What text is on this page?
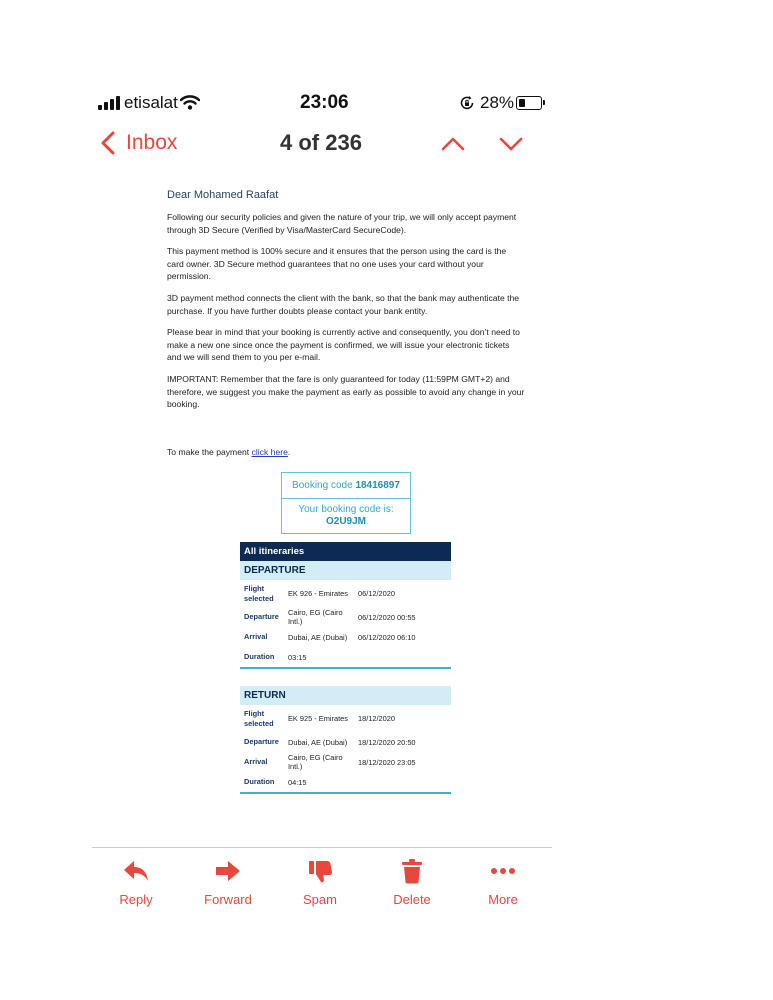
etisalat	23:06	28%
Inbox	4 of 236
Dear Mohamed Raafat

Following our security policies and given the nature of your trip, we will only accept payment through 3D Secure (Verified by Visa/MasterCard SecureCode).

This payment method is 100% secure and it ensures that the person using the card is the card owner. 3D Secure method guarantees that no one uses your card without your permission.

3D payment method connects the client with the bank, so that the bank may authenticate the purchase. If you have further doubts please contact your bank entity.

Please bear in mind that your booking is currently active and consequently, you don’t need to make a new one since once the payment is confirmed, we will issue your electronic tickets and we will send them to you per e-mail.

IMPORTANT: Remember that the fare is only guaranteed for today (11:59PM GMT+2) and therefore, we suggest you make the payment as early as possible to avoid any change in your booking.

To make the payment click here.
Booking code 18416897
Your booking code is:
O2U9JM
All itineraries
DEPARTURE
Flight selected	EK 926 - Emirates	06/12/2020
Departure	Cairo, EG (Cairo Intl.)	06/12/2020 00:55
Arrival	Dubai, AE (Dubai)	06/12/2020 06:10
Duration	03:15
RETURN
Flight selected	EK 925 - Emirates	18/12/2020
Departure	Dubai, AE (Dubai)	18/12/2020 20:50
Arrival	Cairo, EG (Cairo Intl.)	18/12/2020 23:05
Duration	04:15
Reply	Forward	Spam	Delete	More
